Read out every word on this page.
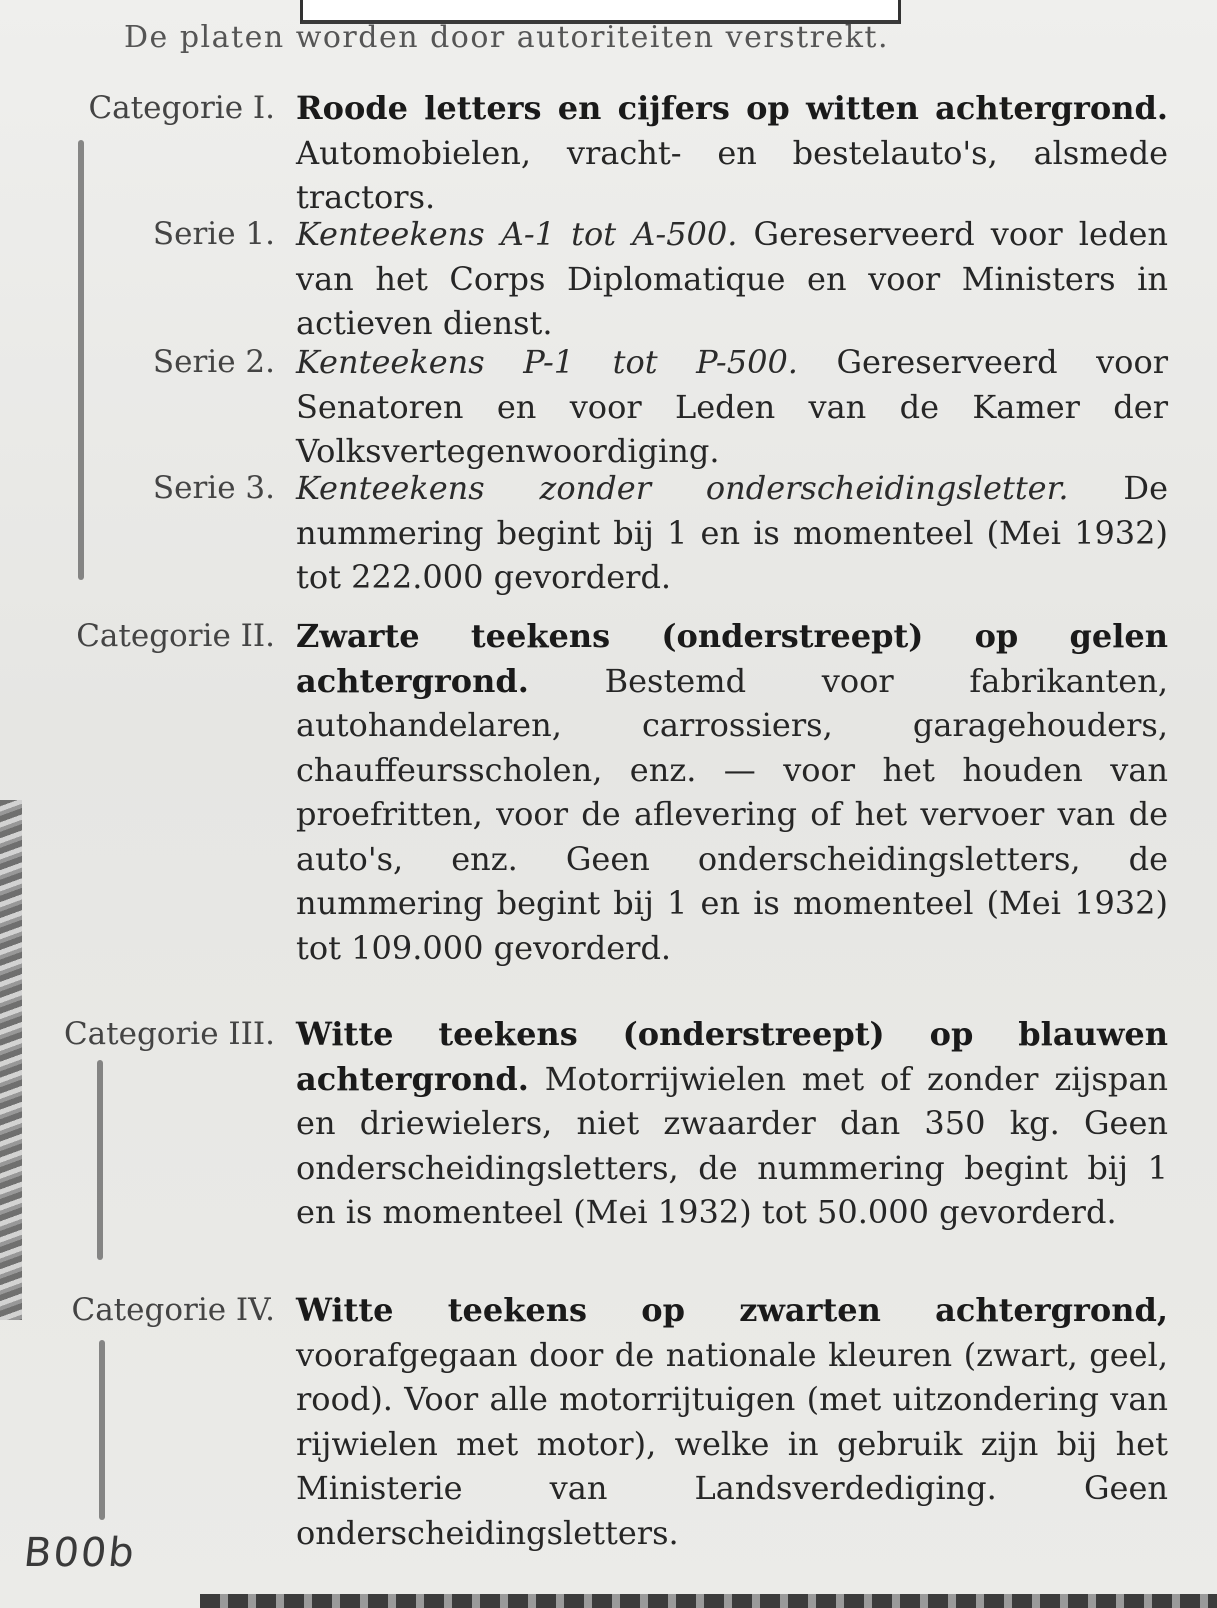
De platen worden door autoriteiten verstrekt.
Categorie I. Roode letters en cijfers op witten achtergrond. Automobielen, vracht- en bestelauto's, alsmede tractors.
Serie 1. Kenteekens A-1 tot A-500. Gereserveerd voor leden van het Corps Diplomatique en voor Ministers in actieven dienst.
Serie 2. Kenteekens P-1 tot P-500. Gereserveerd voor Senatoren en voor Leden van de Kamer der Volksvertegenwoordiging.
Serie 3. Kenteekens zonder onderscheidingsletter. De nummering begint bij 1 en is momenteel (Mei 1932) tot 222.000 gevorderd.
Categorie II. Zwarte teekens (onderstreept) op gelen achtergrond. Bestemd voor fabrikanten, autohandelaren, carrossiers, garagehouders, chauffeursscholen, enz. — voor het houden van proefritten, voor de aflevering of het vervoer van de auto's, enz. Geen onderscheidingsletters, de nummering begint bij 1 en is momenteel (Mei 1932) tot 109.000 gevorderd.
Categorie III. Witte teekens (onderstreept) op blauwen achtergrond. Motorrijwielen met of zonder zijspan en driewielers, niet zwaarder dan 350 kg. Geen onderscheidingsletters, de nummering begint bij 1 en is momenteel (Mei 1932) tot 50.000 gevorderd.
Categorie IV. Witte teekens op zwarten achtergrond, voorafgegaan door de nationale kleuren (zwart, geel, rood). Voor alle motorrijtuigen (met uitzondering van rijwielen met motor), welke in gebruik zijn bij het Ministerie van Landsverdediging. Geen onderscheidingsletters.
B00b
